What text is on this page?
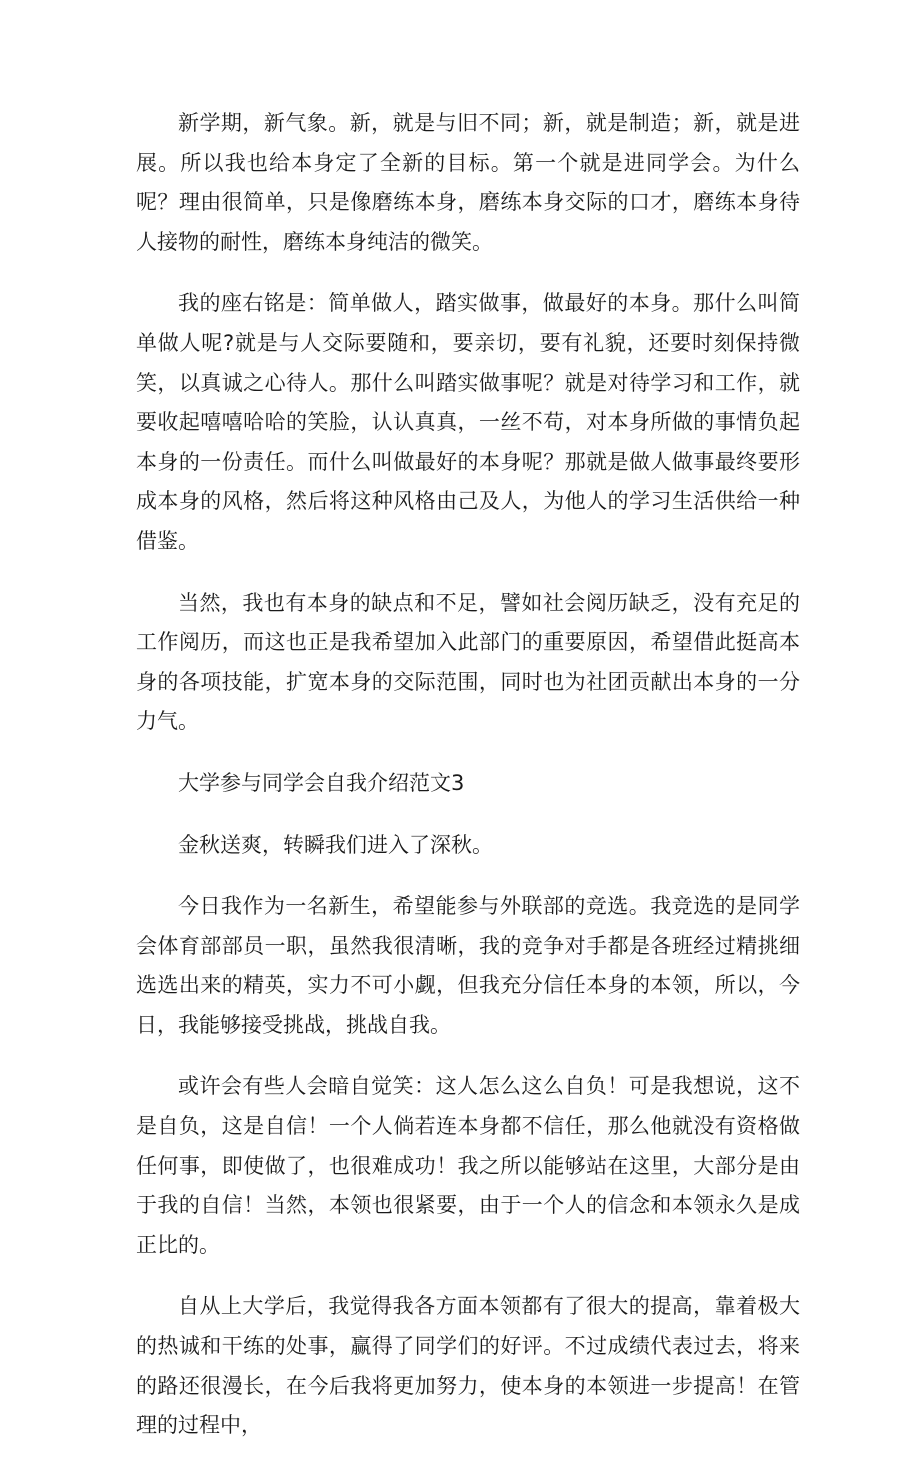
新学期，新气象。新，就是与旧不同；新，就是制造；新，就是进展。所以我也给本身定了全新的目标。第一个就是进同学会。为什么呢？理由很简单，只是像磨练本身，磨练本身交际的口才，磨练本身待人接物的耐性，磨练本身纯洁的微笑。

我的座右铭是：简单做人，踏实做事，做最好的本身。那什么叫简单做人呢?就是与人交际要随和，要亲切，要有礼貌，还要时刻保持微笑，以真诚之心待人。那什么叫踏实做事呢？就是对待学习和工作，就要收起嘻嘻哈哈的笑脸，认认真真，一丝不苟，对本身所做的事情负起本身的一份责任。而什么叫做最好的本身呢？那就是做人做事最终要形成本身的风格，然后将这种风格由己及人，为他人的学习生活供给一种借鉴。

当然，我也有本身的缺点和不足，譬如社会阅历缺乏，没有充足的工作阅历，而这也正是我希望加入此部门的重要原因，希望借此挺高本身的各项技能，扩宽本身的交际范围，同时也为社团贡献出本身的一分力气。

大学参与同学会自我介绍范文3

金秋送爽，转瞬我们进入了深秋。

今日我作为一名新生，希望能参与外联部的竞选。我竞选的是同学会体育部部员一职，虽然我很清晰，我的竞争对手都是各班经过精挑细选选出来的精英，实力不可小觑，但我充分信任本身的本领，所以，今日，我能够接受挑战，挑战自我。

或许会有些人会暗自觉笑：这人怎么这么自负！可是我想说，这不是自负，这是自信！一个人倘若连本身都不信任，那么他就没有资格做任何事，即使做了，也很难成功！我之所以能够站在这里，大部分是由于我的自信！当然，本领也很紧要，由于一个人的信念和本领永久是成正比的。

自从上大学后，我觉得我各方面本领都有了很大的提高，靠着极大的热诚和干练的处事，赢得了同学们的好评。不过成绩代表过去，将来的路还很漫长，在今后我将更加努力，使本身的本领进一步提高！在管理的过程中，
